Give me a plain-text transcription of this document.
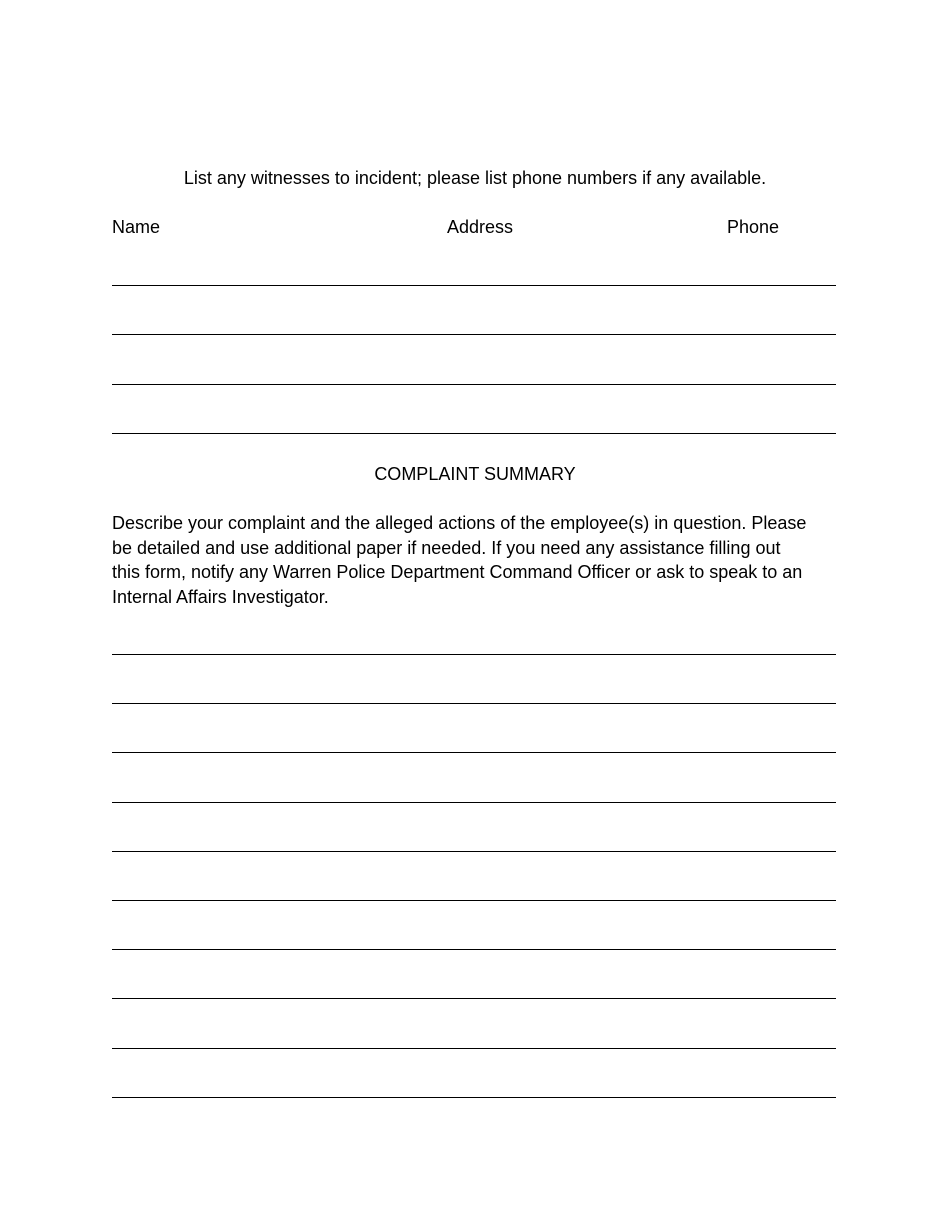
List any witnesses to incident; please list phone numbers if any available.
Name	Address	Phone
COMPLAINT SUMMARY
Describe your complaint and the alleged actions of the employee(s) in question. Please
be detailed and use additional paper if needed. If you need any assistance filling out
this form, notify any Warren Police Department Command Officer or ask to speak to an
Internal Affairs Investigator.
